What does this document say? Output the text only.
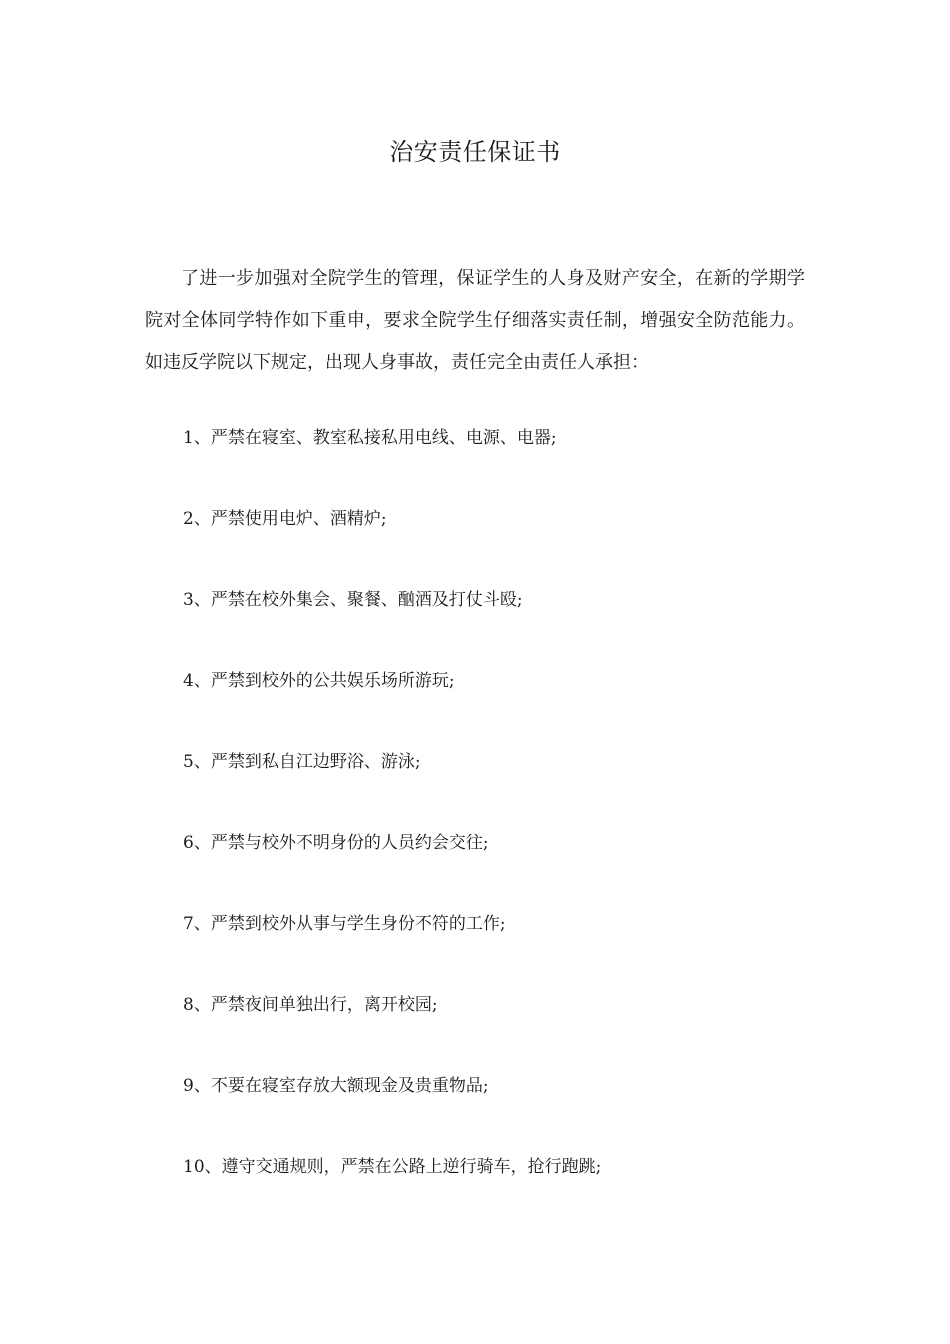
治安责任保证书

了进一步加强对全院学生的管理，保证学生的人身及财产安全，在新的学期学院对全体同学特作如下重申，要求全院学生仔细落实责任制，增强安全防范能力。如违反学院以下规定，出现人身事故，责任完全由责任人承担：

1、严禁在寝室、教室私接私用电线、电源、电器;
2、严禁使用电炉、酒精炉;
3、严禁在校外集会、聚餐、酗酒及打仗斗殴;
4、严禁到校外的公共娱乐场所游玩;
5、严禁到私自江边野浴、游泳;
6、严禁与校外不明身份的人员约会交往;
7、严禁到校外从事与学生身份不符的工作;
8、严禁夜间单独出行，离开校园;
9、不要在寝室存放大额现金及贵重物品;
10、遵守交通规则，严禁在公路上逆行骑车，抢行跑跳;
